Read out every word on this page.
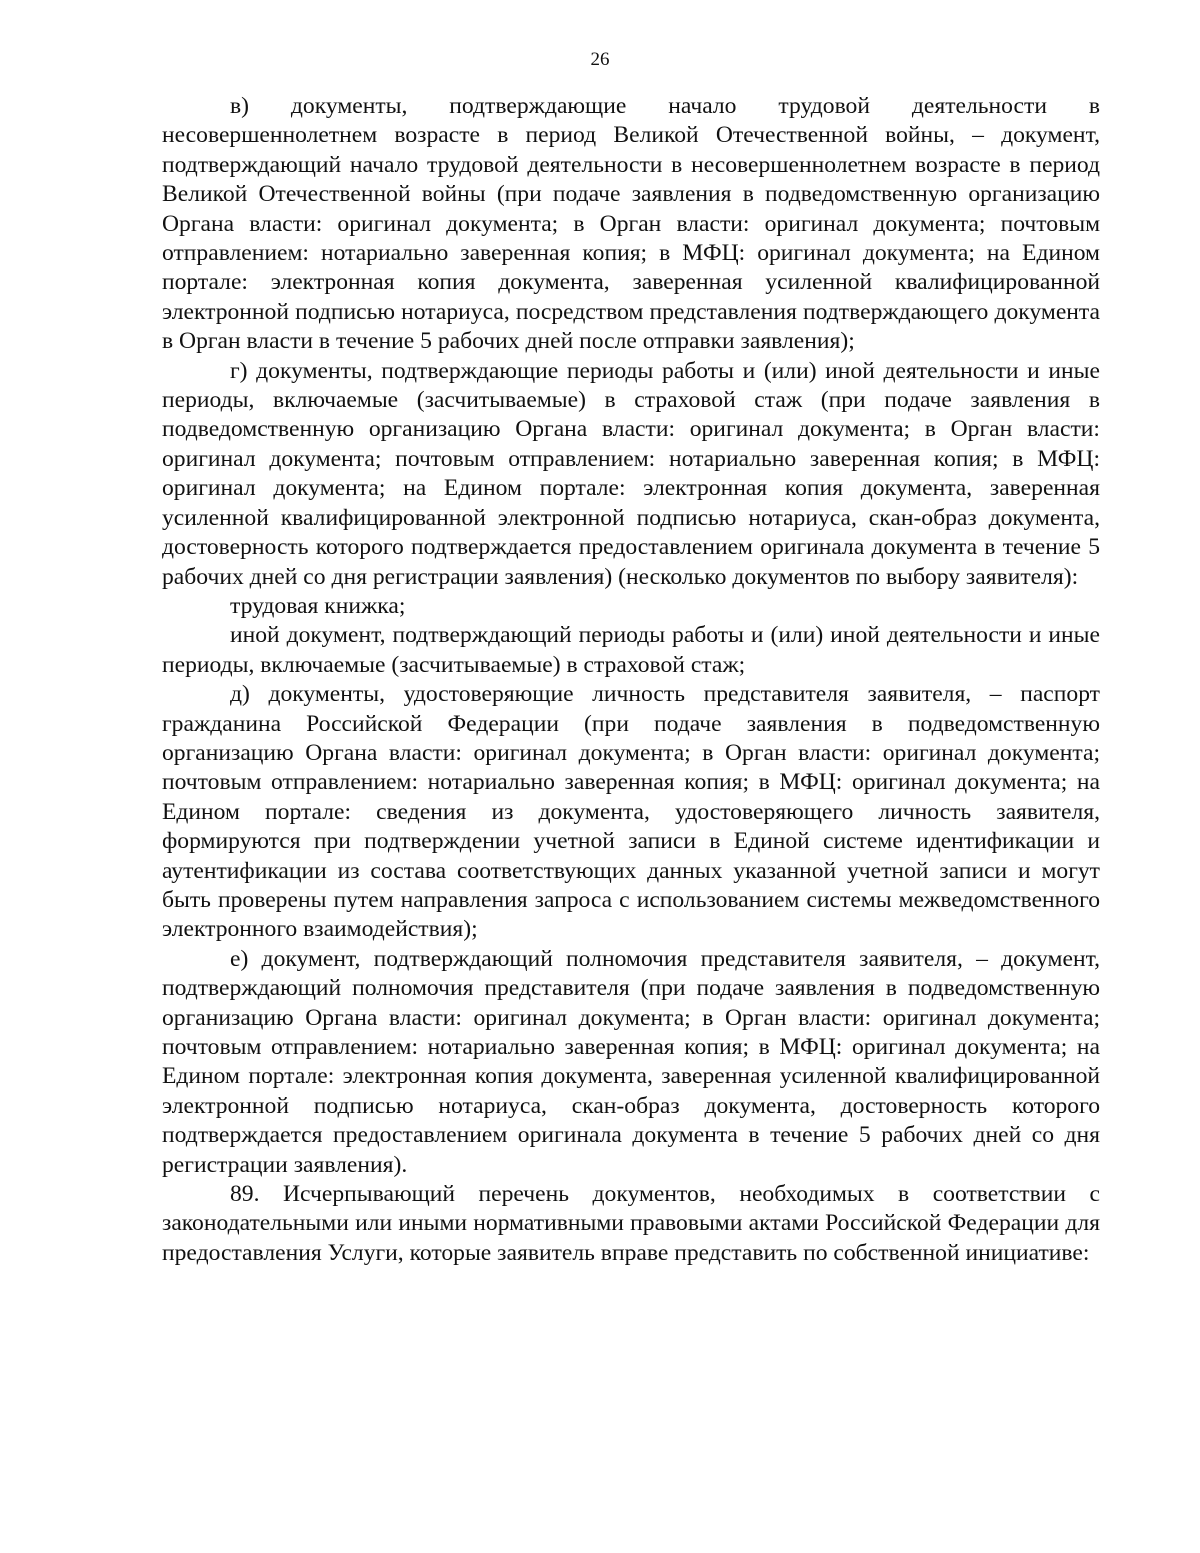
26

в) документы, подтверждающие начало трудовой деятельности в несовершеннолетнем возрасте в период Великой Отечественной войны, – документ, подтверждающий начало трудовой деятельности в несовершеннолетнем возрасте в период Великой Отечественной войны (при подаче заявления в подведомственную организацию Органа власти: оригинал документа; в Орган власти: оригинал документа; почтовым отправлением: нотариально заверенная копия; в МФЦ: оригинал документа; на Едином портале: электронная копия документа, заверенная усиленной квалифицированной электронной подписью нотариуса, посредством представления подтверждающего документа в Орган власти в течение 5 рабочих дней после отправки заявления);

г) документы, подтверждающие периоды работы и (или) иной деятельности и иные периоды, включаемые (засчитываемые) в страховой стаж (при подаче заявления в подведомственную организацию Органа власти: оригинал документа; в Орган власти: оригинал документа; почтовым отправлением: нотариально заверенная копия; в МФЦ: оригинал документа; на Едином портале: электронная копия документа, заверенная усиленной квалифицированной электронной подписью нотариуса, скан-образ документа, достоверность которого подтверждается предоставлением оригинала документа в течение 5 рабочих дней со дня регистрации заявления) (несколько документов по выбору заявителя):

трудовая книжка;

иной документ, подтверждающий периоды работы и (или) иной деятельности и иные периоды, включаемые (засчитываемые) в страховой стаж;

д) документы, удостоверяющие личность представителя заявителя, – паспорт гражданина Российской Федерации (при подаче заявления в подведомственную организацию Органа власти: оригинал документа; в Орган власти: оригинал документа; почтовым отправлением: нотариально заверенная копия; в МФЦ: оригинал документа; на Едином портале: сведения из документа, удостоверяющего личность заявителя, формируются при подтверждении учетной записи в Единой системе идентификации и аутентификации из состава соответствующих данных указанной учетной записи и могут быть проверены путем направления запроса с использованием системы межведомственного электронного взаимодействия);

е) документ, подтверждающий полномочия представителя заявителя, – документ, подтверждающий полномочия представителя (при подаче заявления в подведомственную организацию Органа власти: оригинал документа; в Орган власти: оригинал документа; почтовым отправлением: нотариально заверенная копия; в МФЦ: оригинал документа; на Едином портале: электронная копия документа, заверенная усиленной квалифицированной электронной подписью нотариуса, скан-образ документа, достоверность которого подтверждается предоставлением оригинала документа в течение 5 рабочих дней со дня регистрации заявления).

89. Исчерпывающий перечень документов, необходимых в соответствии с законодательными или иными нормативными правовыми актами Российской Федерации для предоставления Услуги, которые заявитель вправе представить по собственной инициативе:
